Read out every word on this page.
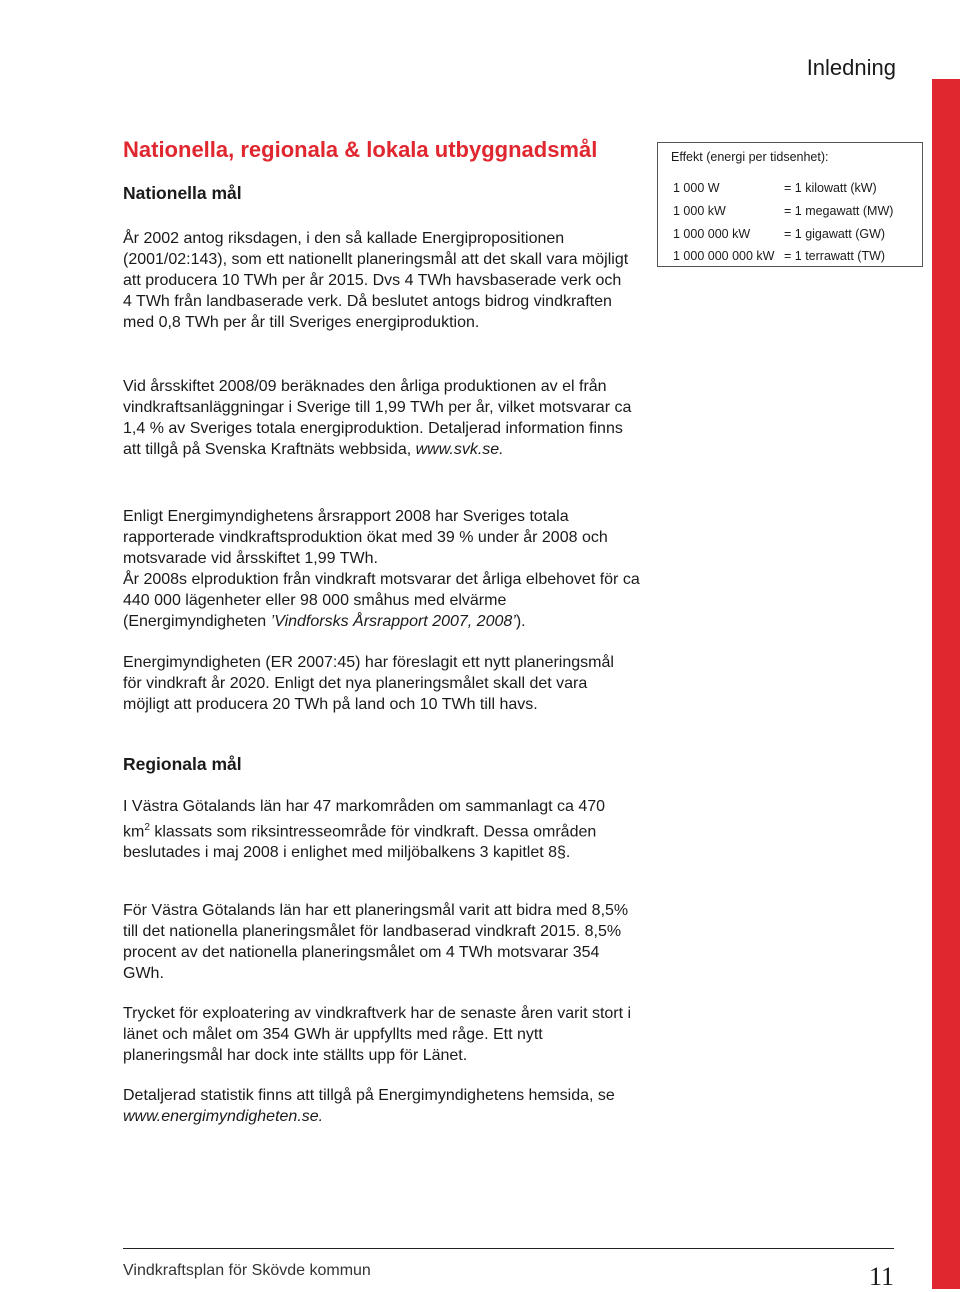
Inledning
Nationella, regionala & lokala utbyggnadsmål
Nationella mål

År 2002 antog riksdagen, i den så kallade Energipropositionen (2001/02:143), som ett nationellt planeringsmål att det skall vara möjligt att producera 10 TWh per år 2015. Dvs 4 TWh havsbaserade verk och 4 TWh från landbaserade verk. Då beslutet antogs bidrog vindkraften med 0,8 TWh per år till Sveriges energiproduktion.

Vid årsskiftet 2008/09 beräknades den årliga produktionen av el från vindkraftsanläggningar i Sverige till 1,99 TWh per år, vilket motsvarar ca 1,4 % av Sveriges totala energiproduktion. Detaljerad information finns att tillgå på Svenska Kraftnäts webbsida, www.svk.se.

Enligt Energimyndighetens årsrapport 2008 har Sveriges totala rapporterade vindkraftsproduktion ökat med 39 % under år 2008 och motsvarade vid årsskiftet 1,99 TWh.

År 2008s elproduktion från vindkraft motsvarar det årliga elbehovet för ca 440 000 lägenheter eller 98 000 småhus med elvärme (Energimyndigheten ’Vindforsks Årsrapport 2007, 2008’).

Energimyndigheten (ER 2007:45) har föreslagit ett nytt planeringsmål för vindkraft år 2020. Enligt det nya planeringsmålet skall det vara möjligt att producera 20 TWh på land och 10 TWh till havs.

Regionala mål

I Västra Götalands län har 47 markområden om sammanlagt ca 470 $km^2$ klassats som riksintresseområde för vindkraft. Dessa områden beslutades i maj 2008 i enlighet med miljöbalkens 3 kapitlet 8§.

För Västra Götalands län har ett planeringsmål varit att bidra med 8,5% till det nationella planeringsmålet för landbaserad vindkraft 2015. 8,5% procent av det nationella planeringsmålet om 4 TWh motsvarar 354 GWh.

Trycket för exploatering av vindkraftverk har de senaste åren varit stort i länet och målet om 354 GWh är uppfyllts med råge. Ett nytt planeringsmål har dock inte ställts upp för Länet.

Detaljerad statistik finns att tillgå på Energimyndighetens hemsida, se www.energimyndigheten.se.

Effekt (energi per tidsenhet):
1 000 W	= 1 kilowatt (kW)
1 000 kW	= 1 megawatt (MW)
1 000 000 kW	= 1 gigawatt (GW)
1 000 000 000 kW = 1 terrawatt (TW)
Vindkraftsplan för Skövde kommun	11
